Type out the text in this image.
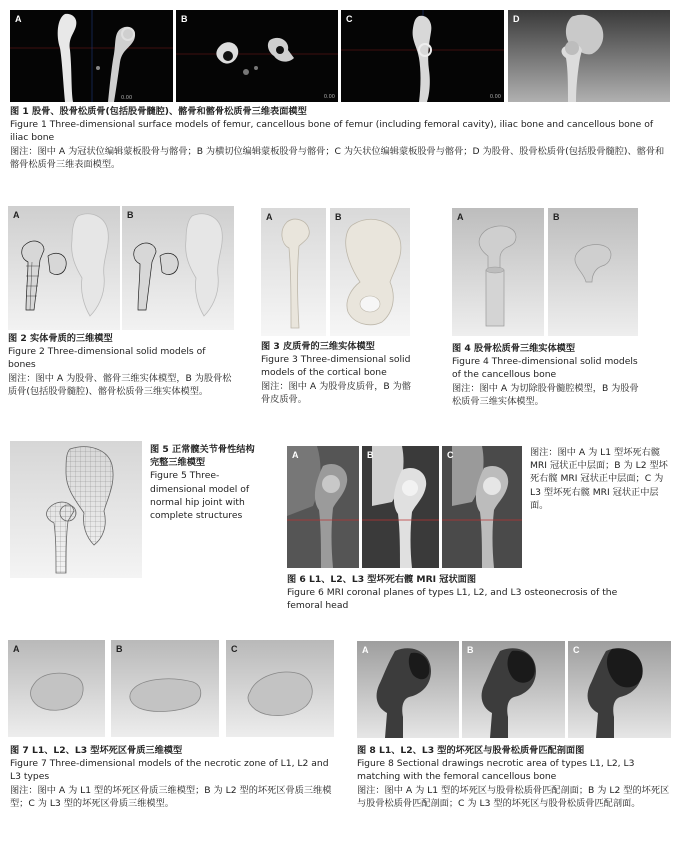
A	B
0.00
C
0.00
D
0.00
图 1 股骨、股骨松质骨(包括股骨髓腔)、髂骨和髂骨松质骨三维表面模型
Figure 1 Three-dimensional surface models of femur, cancellous bone of femur (including femoral cavity), iliac bone and cancellous bone of iliac bone
图注：图中 A 为冠状位编辑蒙板股骨与髂骨；B 为横切位编辑蒙板股骨与髂骨；C 为矢状位编辑蒙板股骨与髂骨；D 为股骨、股骨松质骨(包括股骨髓腔)、髂骨和髂骨松质骨三维表面模型。
A	B
图 2 实体骨质的三维模型
Figure 2 Three-dimensional solid models of bones
图注：图中 A 为股骨、髂骨三维实体模型，B 为股骨松质骨(包括股骨髓腔)、髂骨松质骨三维实体模型。
A	B
图 3 皮质骨的三维实体模型
Figure 3 Three-dimensional solid models of the cortical bone
图注：图中 A 为股骨皮质骨，B 为髂骨皮质骨。
A	B
图 4 股骨松质骨三维实体模型
Figure 4 Three-dimensional solid models of the cancellous bone
图注：图中 A 为切除股骨髓腔模型，B 为股骨松质骨三维实体模型。
图 5 正常髋关节骨性结构完整三维模型
Figure 5 Three-dimensional model of normal hip joint with complete structures
A	B	C	图注：图中 A 为 L1 型坏死右髋 MRI 冠状正中层面；B 为 L2 型坏死右髋 MRI 冠状正中层面；C 为 L3 型坏死右髋 MRI 冠状正中层面。
图 6 L1、L2、L3 型坏死右髋 MRI 冠状面图
Figure 6 MRI coronal planes of types L1, L2, and L3 osteonecrosis of the femoral head
A	B	C
图 7 L1、L2、L3 型坏死区骨质三维模型
Figure 7 Three-dimensional models of the necrotic zone of L1, L2 and L3 types
图注：图中 A 为 L1 型的坏死区骨质三维模型；B 为 L2 型的坏死区骨质三维模型；C 为 L3 型的坏死区骨质三维模型。
A	B	C
图 8 L1、L2、L3 型的坏死区与股骨松质骨匹配剖面图
Figure 8 Sectional drawings necrotic area of types L1, L2, L3 matching with the femoral cancellous bone
图注：图中 A 为 L1 型的坏死区与股骨松质骨匹配剖面；B 为 L2 型的坏死区与股骨松质骨匹配剖面；C 为 L3 型的坏死区与股骨松质骨匹配剖面。
